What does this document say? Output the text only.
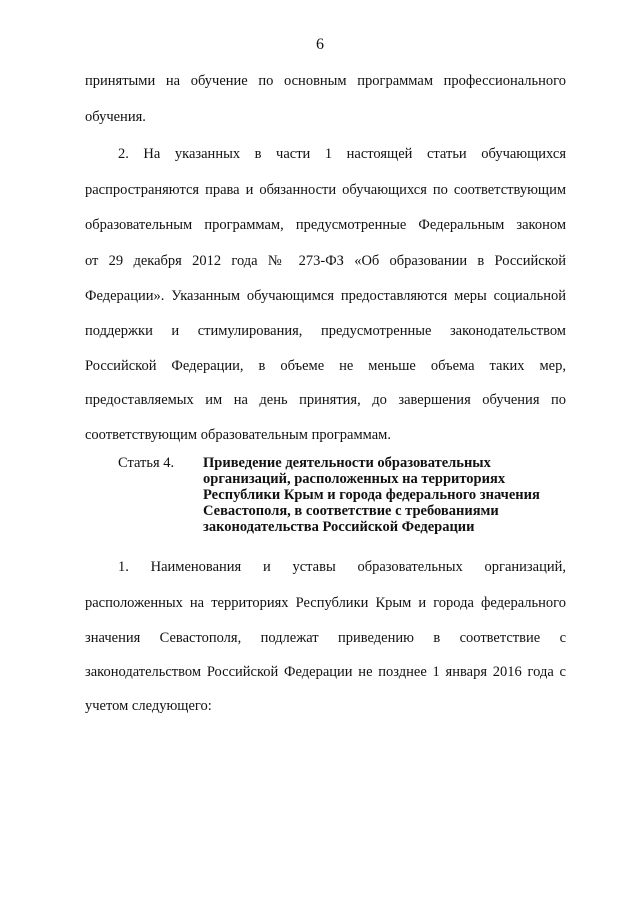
6
принятыми на обучение по основным программам профессионального
обучения.
2. На указанных в части 1 настоящей статьи обучающихся
распространяются права и обязанности обучающихся по соответствующим
образовательным программам, предусмотренные Федеральным законом
от 29 декабря 2012 года № 273-ФЗ «Об образовании в Российской
Федерации». Указанным обучающимся предоставляются меры социальной
поддержки и стимулирования, предусмотренные законодательством
Российской Федерации, в объеме не меньше объема таких мер,
предоставляемых им на день принятия, до завершения обучения по
соответствующим образовательным программам.
Статья 4. Приведение деятельности образовательных
организаций, расположенных на территориях
Республики Крым и города федерального значения
Севастополя, в соответствие с требованиями
законодательства Российской Федерации
1. Наименования и уставы образовательных организаций,
расположенных на территориях Республики Крым и города федерального
значения Севастополя, подлежат приведению в соответствие с
законодательством Российской Федерации не позднее 1 января 2016 года с
учетом следующего:
